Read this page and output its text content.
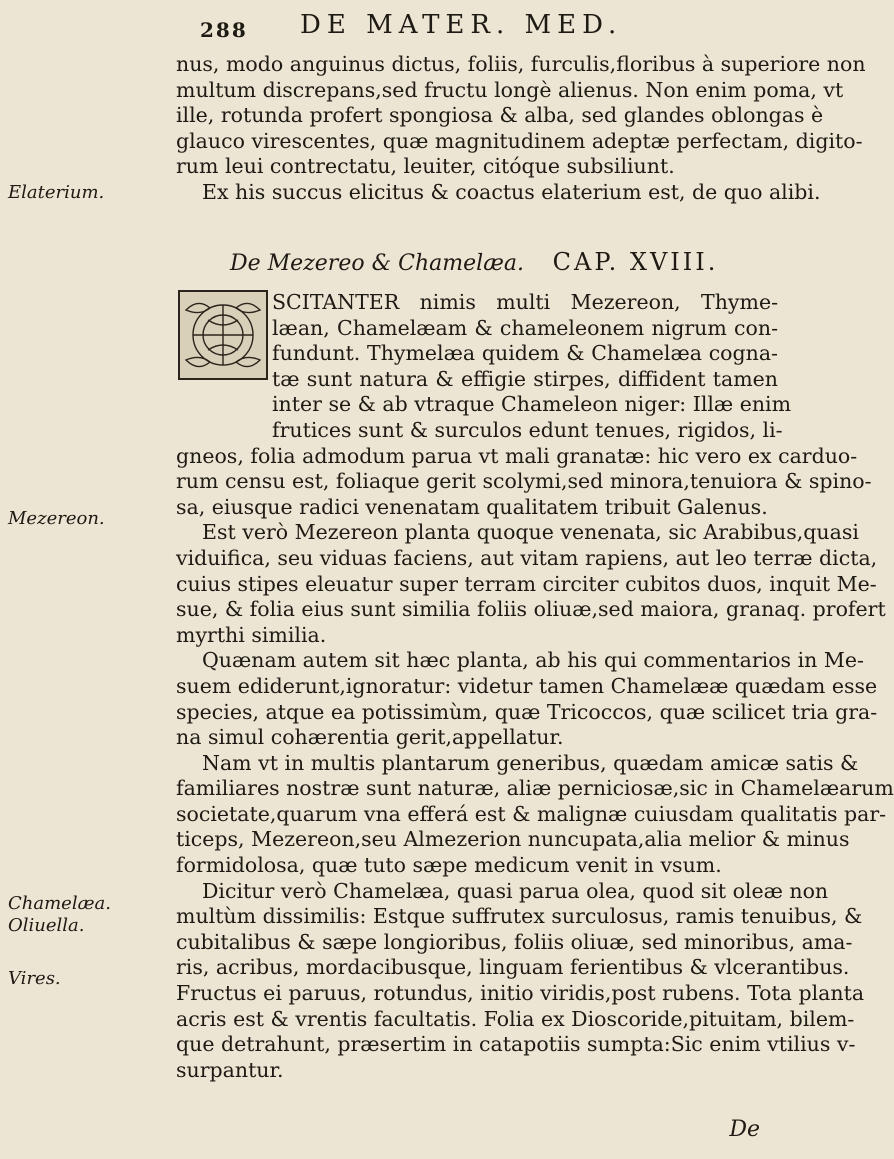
288 DE MATER. MED.
nus, modo anguinus dictus, foliis, furculis,floribus à superiore non
multum discrepans,sed fructu longè alienus. Non enim poma, vt
ille, rotunda profert spongiosa & alba, sed glandes oblongas è
glauco virescentes, quæ magnitudinem adeptæ perfectam, digito-
rum leui contrectatu, leuiter, citóque subsiliunt.
Ex his succus elicitus & coactus elaterium est, de quo alibi.
Elaterium.
De Mezereo & Chamelæa. CAP. XVIII.
SCITANTER nimis multi Mezereon, Thyme-
læan, Chamelæam & chameleonem nigrum con-
fundunt. Thymelæa quidem & Chamelæa cogna-
tæ sunt natura & effigie stirpes, diffident tamen
inter se & ab vtraque Chameleon niger: Illæ enim
frutices sunt & surculos edunt tenues, rigidos, li-
gneos, folia admodum parua vt mali granatæ: hic vero ex carduo-
rum censu est, foliaque gerit scolymi,sed minora,tenuiora & spino-
sa, eiusque radici venenatam qualitatem tribuit Galenus.
Est verò Mezereon planta quoque venenata, sic Arabibus,quasi
viduifica, seu viduas faciens, aut vitam rapiens, aut leo terræ dicta,
cuius stipes eleuatur super terram circiter cubitos duos, inquit Me-
sue, & folia eius sunt similia foliis oliuæ,sed maiora, granaq. profert
myrthi similia.
Quænam autem sit hæc planta, ab his qui commentarios in Me-
suem ediderunt,ignoratur: videtur tamen Chamelææ quædam esse
species, atque ea potissimùm, quæ Tricoccos, quæ scilicet tria gra-
na simul cohærentia gerit,appellatur.
Nam vt in multis plantarum generibus, quædam amicæ satis &
familiares nostræ sunt naturæ, aliæ perniciosæ,sic in Chamelæarum
societate,quarum vna efferá est & malignæ cuiusdam qualitatis par-
ticeps, Mezereon,seu Almezerion nuncupata,alia melior & minus
formidolosa, quæ tuto sæpe medicum venit in vsum.
Dicitur verò Chamelæa, quasi parua olea, quod sit oleæ non
multùm dissimilis: Estque suffrutex surculosus, ramis tenuibus, &
cubitalibus & sæpe longioribus, foliis oliuæ, sed minoribus, ama-
ris, acribus, mordacibusque, linguam ferientibus & vlcerantibus.
Fructus ei paruus, rotundus, initio viridis,post rubens. Tota planta
acris est & vrentis facultatis. Folia ex Dioscoride,pituitam, bilem-
que detrahunt, præsertim in catapotiis sumpta:Sic enim vtilius v-
surpantur.
Mezereon.
Chamelæa.
Oliuella.
Vires.
De
